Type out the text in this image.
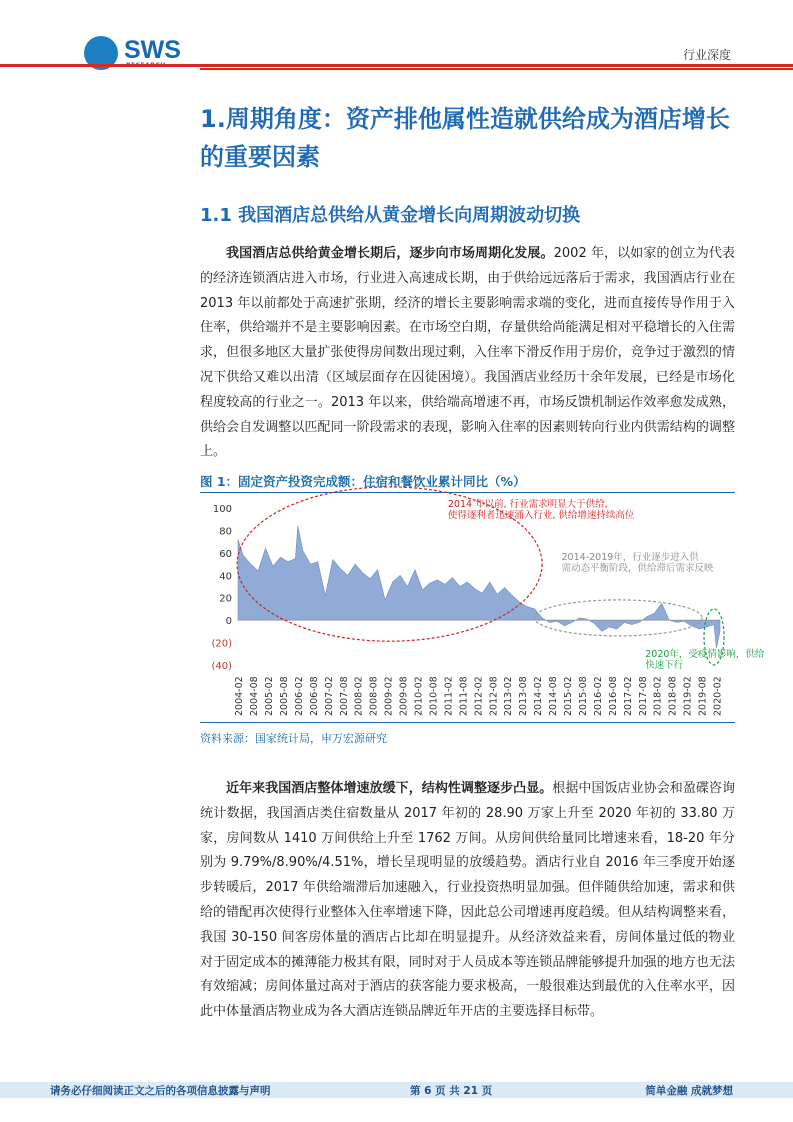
SWS	行业深度
1.周期角度：资产排他属性造就供给成为酒店增长的重要因素
1.1 我国酒店总供给从黄金增长向周期波动切换

我国酒店总供给黄金增长期后，逐步向市场周期化发展。2002 年，以如家的创立为代表的经济连锁酒店进入市场，行业进入高速成长期，由于供给远远落后于需求，我国酒店行业在 2013 年以前都处于高速扩张期，经济的增长主要影响需求端的变化，进而直接传导作用于入住率，供给端并不是主要影响因素。在市场空白期，存量供给尚能满足相对平稳增长的入住需求，但很多地区大量扩张使得房间数出现过剩，入住率下滑反作用于房价，竞争过于激烈的情况下供给又难以出清（区域层面存在囚徒困境）。我国酒店业经历十余年发展，已经是市场化程度较高的行业之一。2013 年以来，供给端高增速不再，市场反馈机制运作效率愈发成熟，供给会自发调整以匹配同一阶段需求的表现，影响入住率的因素则转向行业内供需结构的调整上。

图 1：固定资产投资完成额：住宿和餐饮业累计同比（%）
100
80
60
40
20
0
(20)
(40)
2004-02 2004-08 2005-02 2005-08 2006-02 2006-08 2007-02 2007-08 2008-02 2008-08 2009-02 2009-08 2010-02 2010-08 2011-02 2011-08 2012-02 2012-08 2013-02 2013-08 2014-02 2014-08 2015-02 2015-08 2016-02 2016-08 2017-02 2017-08 2018-02 2018-08 2019-02 2019-08 2020-02
2014 年以前, 行业需求明显大于供给,
使得逐利者迅速涌入行业, 供给增速持续高位
2014-2019年，行业逐步进入供
需动态平衡阶段，供给滞后需求反映
2020年，受疫情影响，供给
快速下行
资料来源：国家统计局，申万宏源研究

近年来我国酒店整体增速放缓下，结构性调整逐步凸显。根据中国饭店业协会和盈碟咨询统计数据，我国酒店类住宿数量从 2017 年初的 28.90 万家上升至 2020 年初的 33.80 万家，房间数从 1410 万间供给上升至 1762 万间。从房间供给量同比增速来看，18-20 年分别为 9.79%/8.90%/4.51%，增长呈现明显的放缓趋势。酒店行业自 2016 年三季度开始逐步转暖后，2017 年供给端滞后加速融入，行业投资热明显加强。但伴随供给加速，需求和供给的错配再次使得行业整体入住率增速下降，因此总公司增速再度趋缓。但从结构调整来看，我国 30-150 间客房体量的酒店占比却在明显提升。从经济效益来看，房间体量过低的物业对于固定成本的摊薄能力极其有限，同时对于人员成本等连锁品牌能够提升加强的地方也无法有效缩减；房间体量过高对于酒店的获客能力要求极高，一般很难达到最优的入住率水平，因此中体量酒店物业成为各大酒店连锁品牌近年开店的主要选择目标带。

请务必仔细阅读正文之后的各项信息披露与声明	第 6 页 共 21 页	简单金融 成就梦想
